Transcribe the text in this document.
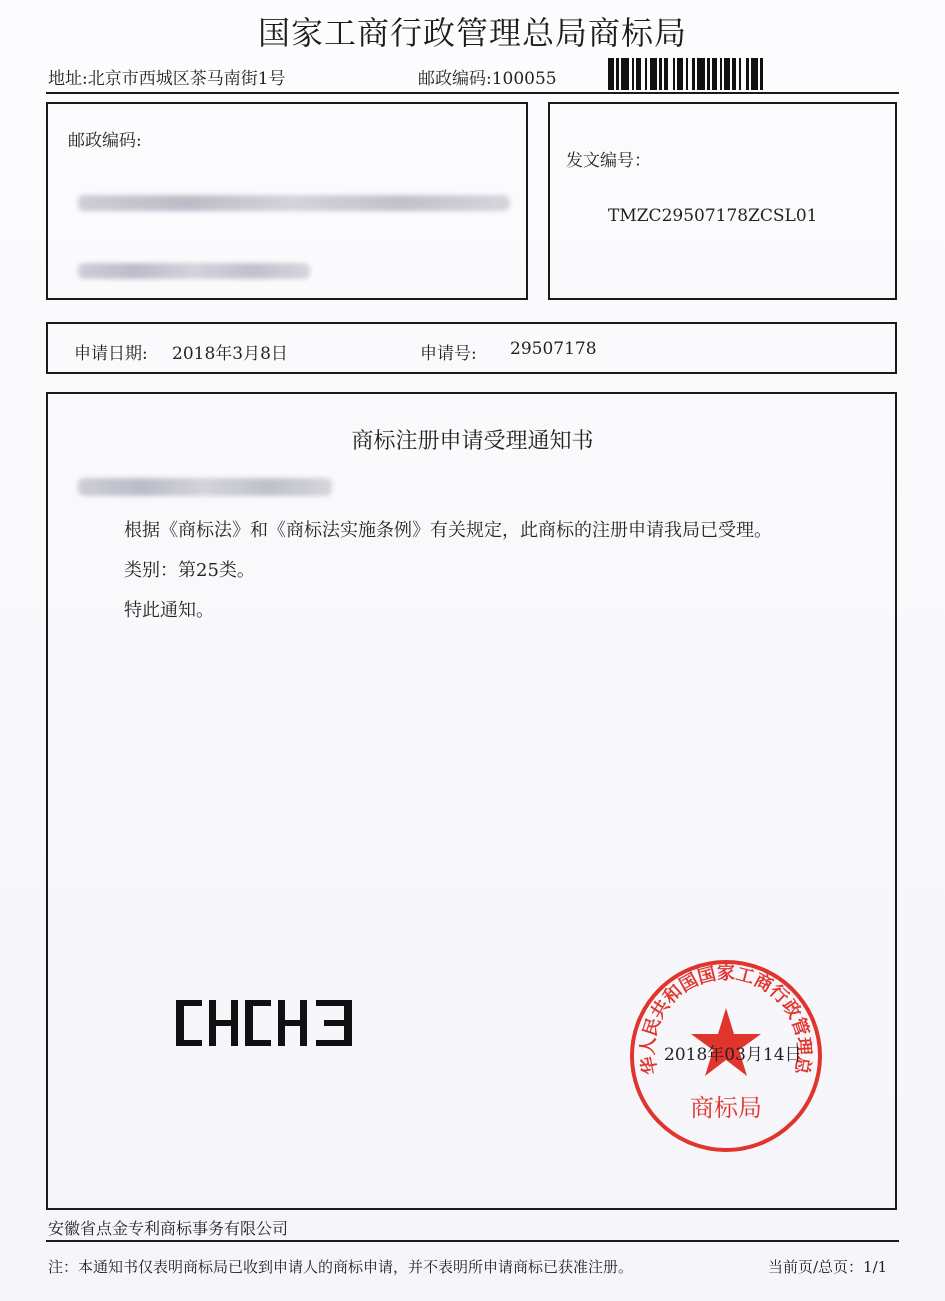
国家工商行政管理总局商标局
地址:北京市西城区茶马南街1号	邮政编码:100055
邮政编码:
发文编号：
TMZC29507178ZCSL01
申请日期: 2018年3月8日	申请号: 29507178
商标注册申请受理通知书
根据《商标法》和《商标法实施条例》有关规定，此商标的注册申请我局已受理。
类别：第25类。
特此通知。
华人民共和国国家工商行政管理总
商标局
2018年03月14日
安徽省点金专利商标事务有限公司
注：本通知书仅表明商标局已收到申请人的商标申请，并不表明所申请商标已获准注册。	当前页/总页：1/1
